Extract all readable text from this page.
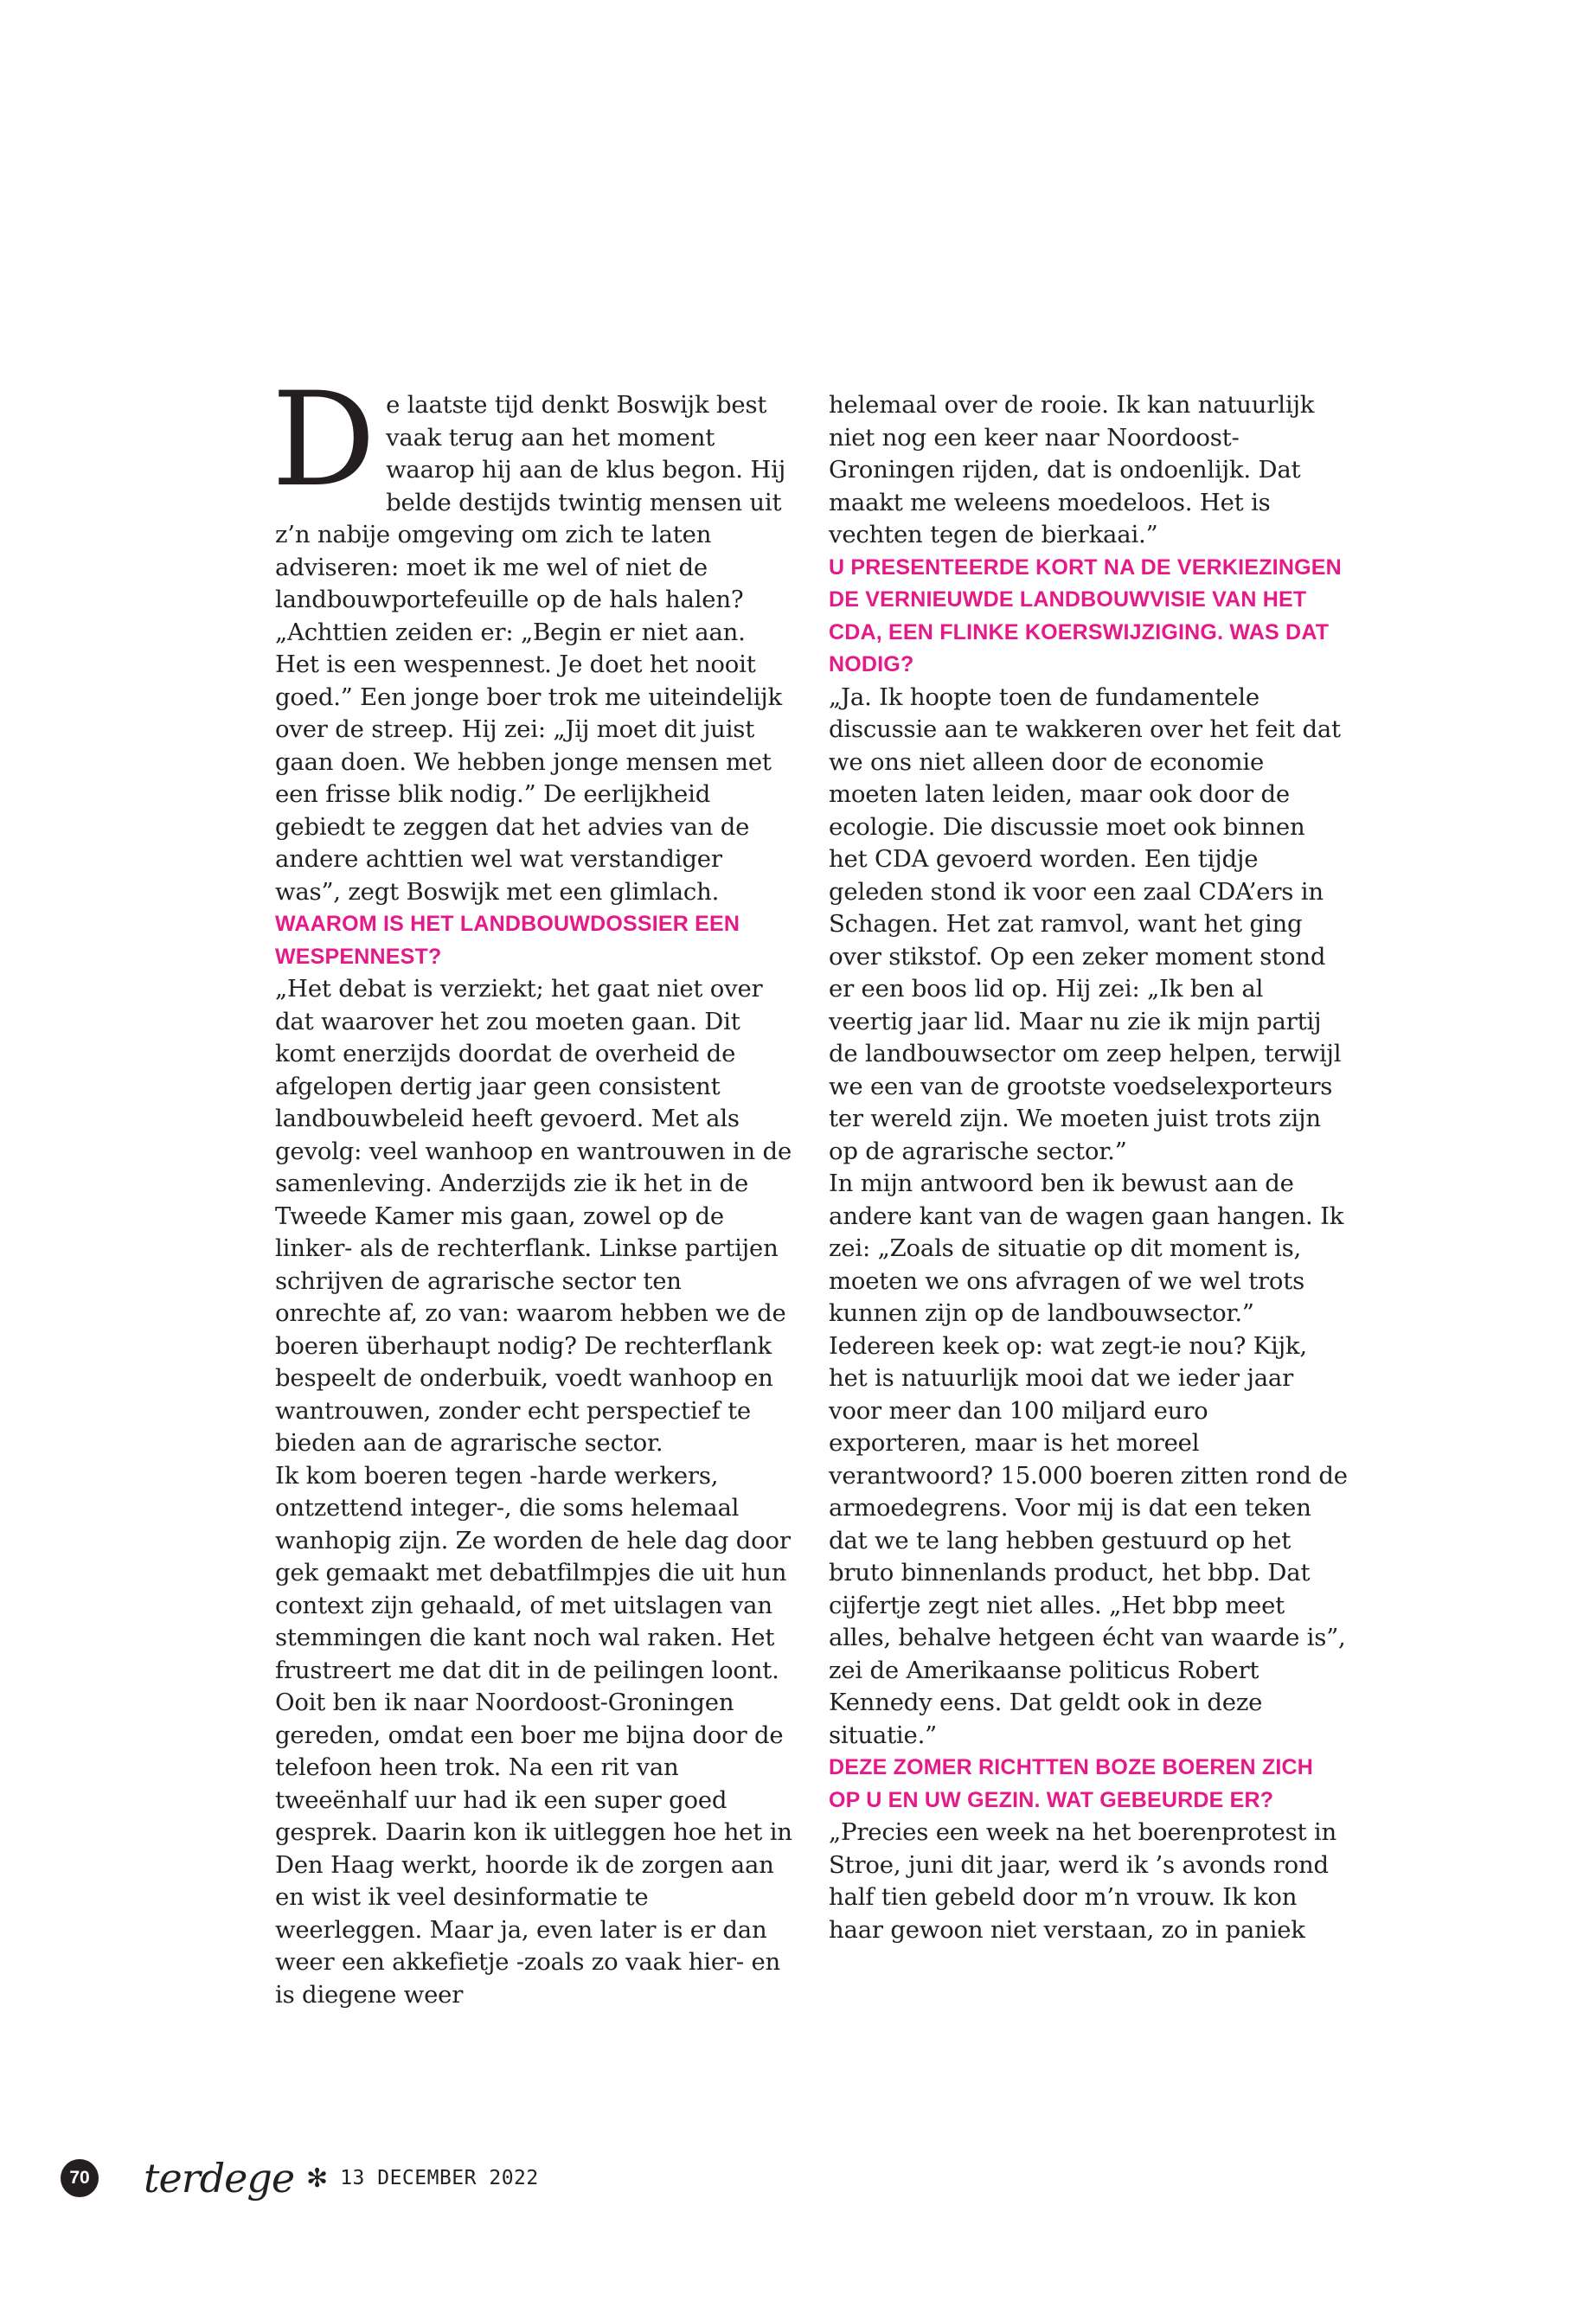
De laatste tijd denkt Boswijk best vaak terug aan het moment waarop hij aan de klus begon. Hij belde destijds twintig mensen uit z’n nabije omgeving om zich te laten adviseren: moet ik me wel of niet de landbouwportefeuille op de hals halen? „Achttien zeiden er: „Begin er niet aan. Het is een wespennest. Je doet het nooit goed.” Een jonge boer trok me uiteindelijk over de streep. Hij zei: „Jij moet dit juist gaan doen. We hebben jonge mensen met een frisse blik nodig.” De eerlijkheid gebiedt te zeggen dat het advies van de andere achttien wel wat verstandiger was”, zegt Boswijk met een glimlach.

WAAROM IS HET LANDBOUWDOSSIER EEN WESPENNEST?

„Het debat is verziekt; het gaat niet over dat waarover het zou moeten gaan. Dit komt enerzijds doordat de overheid de afgelopen dertig jaar geen consistent landbouwbeleid heeft gevoerd. Met als gevolg: veel wanhoop en wantrouwen in de samenleving. Anderzijds zie ik het in de Tweede Kamer mis gaan, zowel op de linker- als de rechterflank. Linkse partijen schrijven de agrarische sector ten onrechte af, zo van: waarom hebben we de boeren überhaupt nodig? De rechterflank bespeelt de onderbuik, voedt wanhoop en wantrouwen, zonder echt perspectief te bieden aan de agrarische sector.

Ik kom boeren tegen -harde werkers, ontzettend integer-, die soms helemaal wanhopig zijn. Ze worden de hele dag door gek gemaakt met debatfilmpjes die uit hun context zijn gehaald, of met uitslagen van stemmingen die kant noch wal raken. Het frustreert me dat dit in de peilingen loont. Ooit ben ik naar Noordoost-Groningen gereden, omdat een boer me bijna door de telefoon heen trok. Na een rit van tweeënhalf uur had ik een super goed gesprek. Daarin kon ik uitleggen hoe het in Den Haag werkt, hoorde ik de zorgen aan en wist ik veel desinformatie te weerleggen. Maar ja, even later is er dan weer een akkefietje -zoals zo vaak hier- en is diegene weer

helemaal over de rooie. Ik kan natuurlijk niet nog een keer naar Noordoost-Groningen rijden, dat is ondoenlijk. Dat maakt me weleens moedeloos. Het is vechten tegen de bierkaai.”

U PRESENTEERDE KORT NA DE VERKIEZINGEN DE VERNIEUWDE LANDBOUWVISIE VAN HET CDA, EEN FLINKE KOERSWIJZIGING. WAS DAT NODIG?

„Ja. Ik hoopte toen de fundamentele discussie aan te wakkeren over het feit dat we ons niet alleen door de economie moeten laten leiden, maar ook door de ecologie. Die discussie moet ook binnen het CDA gevoerd worden. Een tijdje geleden stond ik voor een zaal CDA’ers in Schagen. Het zat ramvol, want het ging over stikstof. Op een zeker moment stond er een boos lid op. Hij zei: „Ik ben al veertig jaar lid. Maar nu zie ik mijn partij de landbouwsector om zeep helpen, terwijl we een van de grootste voedselexporteurs ter wereld zijn. We moeten juist trots zijn op de agrarische sector.”

In mijn antwoord ben ik bewust aan de andere kant van de wagen gaan hangen. Ik zei: „Zoals de situatie op dit moment is, moeten we ons afvragen of we wel trots kunnen zijn op de landbouwsector.” Iedereen keek op: wat zegt-ie nou? Kijk, het is natuurlijk mooi dat we ieder jaar voor meer dan 100 miljard euro exporteren, maar is het moreel verantwoord? 15.000 boeren zitten rond de armoedegrens. Voor mij is dat een teken dat we te lang hebben gestuurd op het bruto binnenlands product, het bbp. Dat cijfertje zegt niet alles. „Het bbp meet alles, behalve hetgeen écht van waarde is”, zei de Amerikaanse politicus Robert Kennedy eens. Dat geldt ook in deze situatie.”

DEZE ZOMER RICHTTEN BOZE BOEREN ZICH OP U EN UW GEZIN. WAT GEBEURDE ER?

„Precies een week na het boerenprotest in Stroe, juni dit jaar, werd ik ’s avonds rond half tien gebeld door m’n vrouw. Ik kon haar gewoon niet verstaan, zo in paniek

70 terdege ✻ 13 DECEMBER 2022
